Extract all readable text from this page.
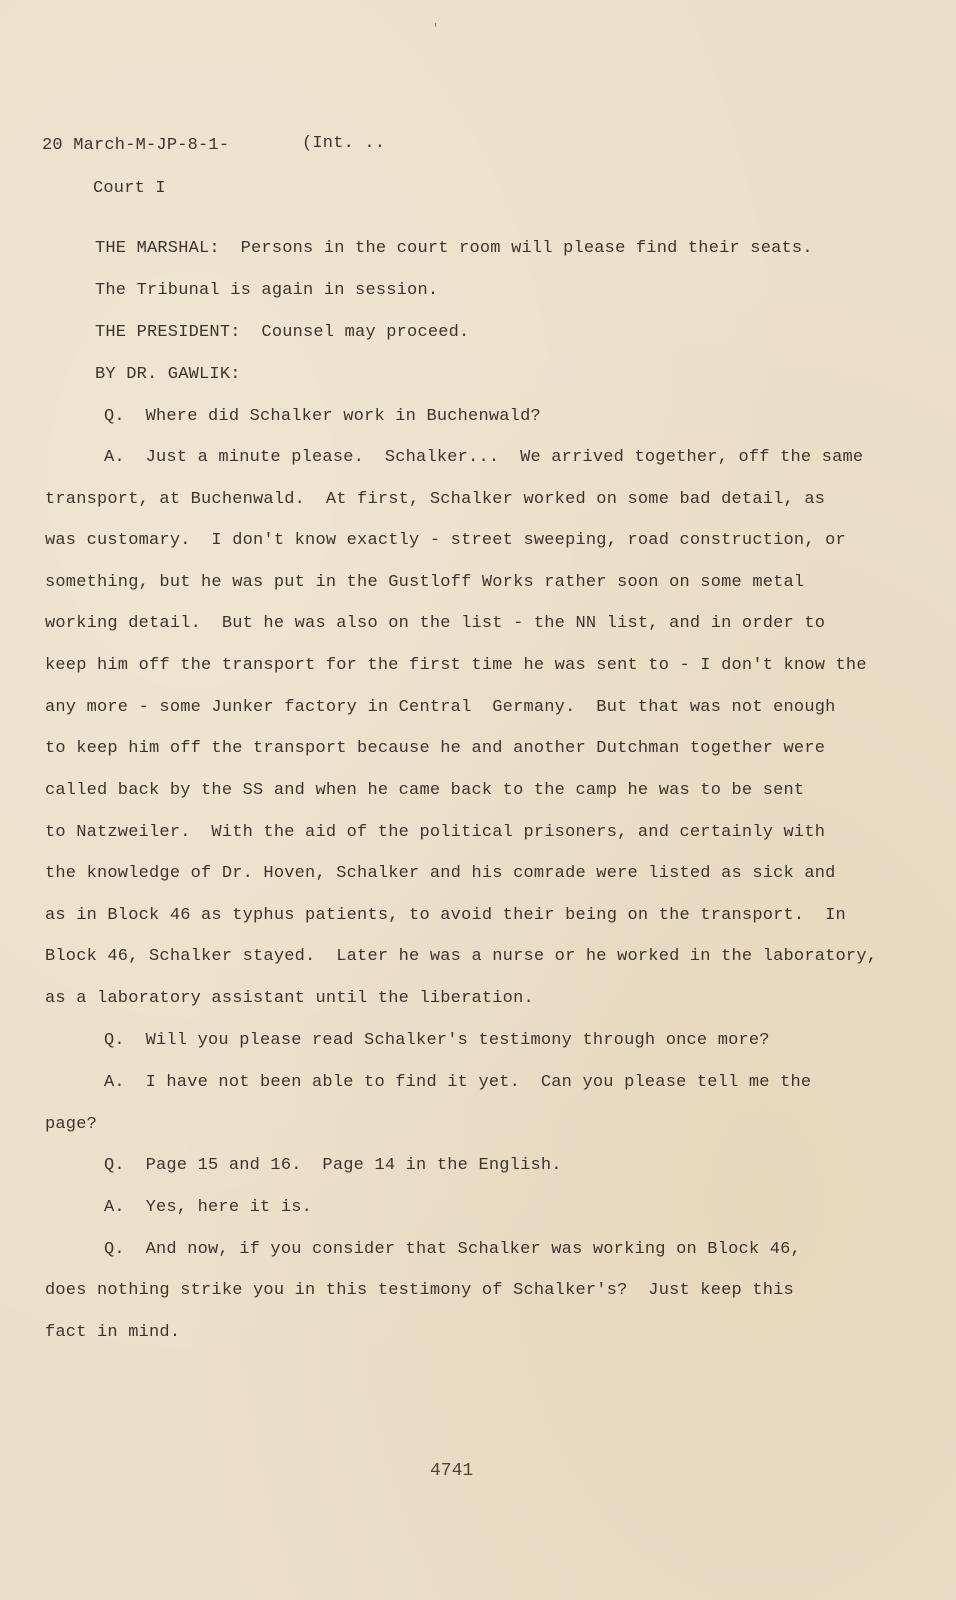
'
20 March-M-JP-8-1-	(Int. ..
Court I
THE MARSHAL:  Persons in the court room will please find their seats.
The Tribunal is again in session.
THE PRESIDENT:  Counsel may proceed.
BY DR. GAWLIK:
Q.  Where did Schalker work in Buchenwald?
A.  Just a minute please.  Schalker...  We arrived together, off the same
transport, at Buchenwald.  At first, Schalker worked on some bad detail, as
was customary.  I don't know exactly - street sweeping, road construction, or
something, but he was put in the Gustloff Works rather soon on some metal
working detail.  But he was also on the list - the NN list, and in order to
keep him off the transport for the first time he was sent to - I don't know the
any more - some Junker factory in Central  Germany.  But that was not enough
to keep him off the transport because he and another Dutchman together were
called back by the SS and when he came back to the camp he was to be sent
to Natzweiler.  With the aid of the political prisoners, and certainly with
the knowledge of Dr. Hoven, Schalker and his comrade were listed as sick and
as in Block 46 as typhus patients, to avoid their being on the transport.  In
Block 46, Schalker stayed.  Later he was a nurse or he worked in the laboratory,
as a laboratory assistant until the liberation.
Q.  Will you please read Schalker's testimony through once more?
A.  I have not been able to find it yet.  Can you please tell me the
page?
Q.  Page 15 and 16.  Page 14 in the English.
A.  Yes, here it is.
Q.  And now, if you consider that Schalker was working on Block 46,
does nothing strike you in this testimony of Schalker's?  Just keep this
fact in mind.
4741
